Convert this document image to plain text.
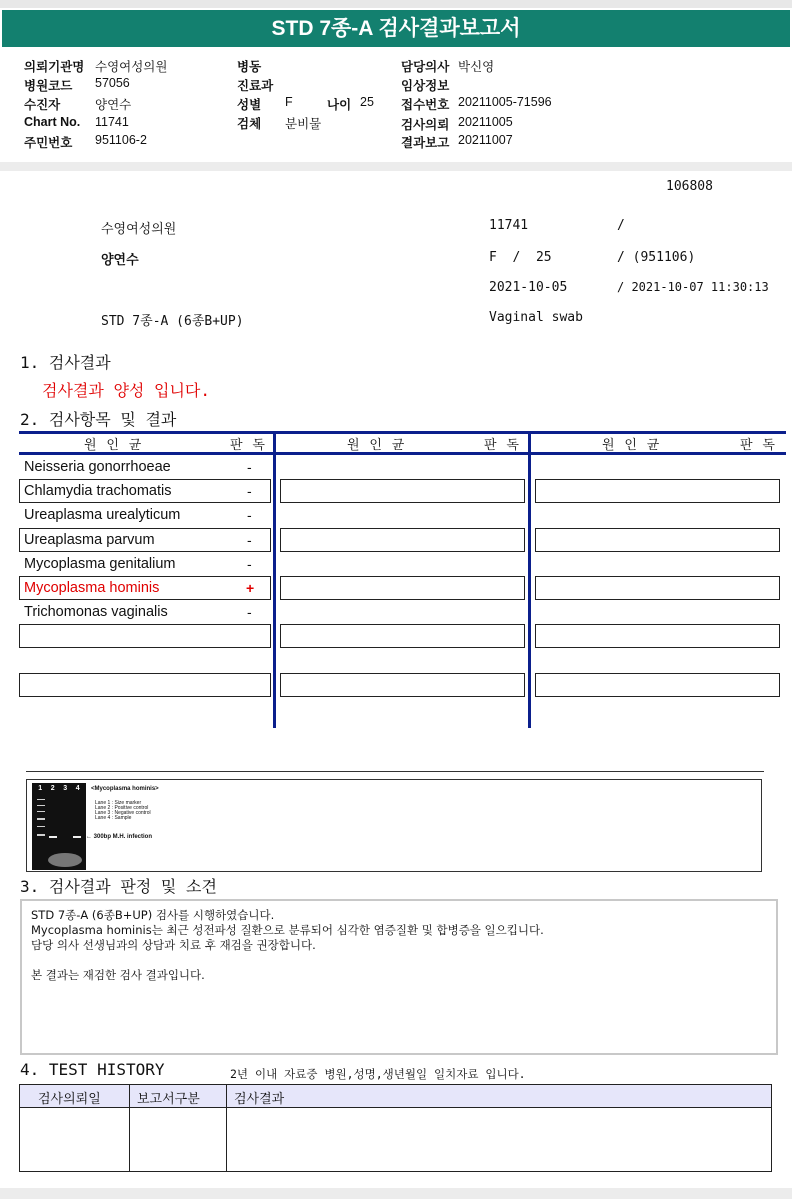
STD 7종-A 검사결과보고서
의뢰기관명 수영여성의원
병원코드 57056
수진자	양연수
Chart No. 11741
주민번호 951106-2
병동
진료과
성별 F	나이 25
검체 분비물
담당의사 박신영
임상정보
접수번호 20211005-71596
검사의뢰 20211005
결과보고 20211007
106808
수영여성의원	11741	/
양연수	F  /  25	/ (951106)
2021-10-05	/ 2021-10-07 11:30:13
STD 7종-A (6종B+UP)	Vaginal swab
1. 검사결과
검사결과 양성 입니다.
2. 검사항목 및 결과
원 인 균	판 독	원 인 균	판 독	원 인 균	판 독
Neisseria gonorrhoeae	-
Chlamydia trachomatis	-
Ureaplasma urealyticum	-
Ureaplasma parvum	-
Mycoplasma genitalium	-
Mycoplasma hominis	+
Trichomonas vaginalis	-
1 2 3 4 <Mycoplasma hominis>
Lane 1 : Size marker
Lane 2 : Positive control
Lane 3 : Negative control
Lane 4 : Sample
← 300bp M.H. infection
3. 검사결과 판정 및 소견
STD 7종-A (6종B+UP) 검사를 시행하였습니다.
Mycoplasma hominis는 최근 성전파성 질환으로 분류되어 심각한 염증질환 및 합병증을 일으킵니다.
담당 의사 선생님과의 상담과 치료 후 재검을 권장합니다.
본 결과는 재검한 검사 결과입니다.
4. TEST HISTORY	2년 이내 자료중 병원,성명,생년월일 일치자료 입니다.
검사의뢰일	보고서구분	검사결과
